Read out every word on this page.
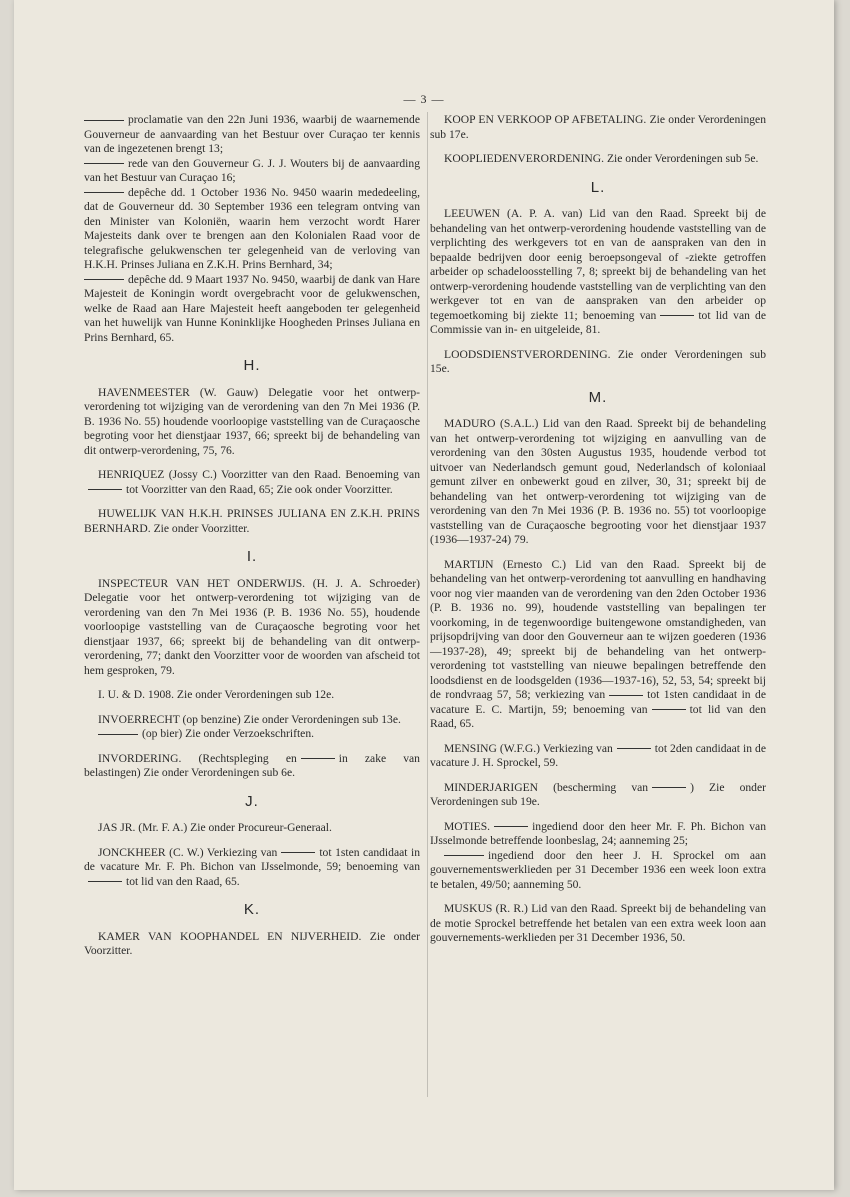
— 3 —

proclamatie van den 22n Juni 1936, waarbij de waarnemende Gouverneur de aanvaarding van het Bestuur over Curaçao ter kennis van de ingezetenen brengt 13;

rede van den Gouverneur G. J. J. Wouters bij de aanvaarding van het Bestuur van Curaçao 16;

depêche dd. 1 October 1936 No. 9450 waarin mededeeling, dat de Gouverneur dd. 30 September 1936 een telegram ontving van den Minister van Koloniën, waarin hem verzocht wordt Harer Majesteits dank over te brengen aan den Kolonialen Raad voor de telegrafische gelukwenschen ter gelegenheid van de verloving van H.K.H. Prinses Juliana en Z.K.H. Prins Bernhard, 34;

depêche dd. 9 Maart 1937 No. 9450, waarbij de dank van Hare Majesteit de Koningin wordt overgebracht voor de gelukwenschen, welke de Raad aan Hare Majesteit heeft aangeboden ter gelegenheid van het huwelijk van Hunne Koninklijke Hoogheden Prinses Juliana en Prins Bernhard, 65.

H.

HAVENMEESTER (W. Gauw) Delegatie voor het ontwerp-verordening tot wijziging van de verordening van den 7n Mei 1936 (P. B. 1936 No. 55) houdende voorloopige vaststelling van de Curaçaosche begroting voor het dienstjaar 1937, 66; spreekt bij de behandeling van dit ontwerp-verordening, 75, 76.

HENRIQUEZ (Jossy C.) Voorzitter van den Raad. Benoeming vantot Voorzitter van den Raad, 65; Zie ook onder Voorzitter.

HUWELIJK VAN H.K.H. PRINSES JULIANA EN Z.K.H. PRINS BERNHARD. Zie onder Voorzitter.

I.

INSPECTEUR VAN HET ONDERWIJS. (H. J. A. Schroeder) Delegatie voor het ontwerp-verordening tot wijziging van de verordening van den 7n Mei 1936 (P. B. 1936 No. 55), houdende voorloopige vaststelling van de Curaçaosche begroting voor het dienstjaar 1937, 66; spreekt bij de behandeling van dit ontwerp-verordening, 77; dankt den Voorzitter voor de woorden van afscheid tot hem gesproken, 79.

I. U. & D. 1908. Zie onder Verordeningen sub 12e.

INVOERRECHT (op benzine) Zie onder Verordeningen sub 13e.

(op bier) Zie onder Verzoekschriften.

INVORDERING. (Rechtspleging en	in zake van belastingen) Zie onder Verordeningen sub 6e.

J.

JAS JR. (Mr. F. A.) Zie onder Procureur-Generaal.

JONCKHEER (C. W.) Verkiezing van	tot 1sten candidaat in de vacature Mr. F. Ph. Bichon van IJsselmonde, 59; benoeming vantot lid van den Raad, 65.

K.

KAMER VAN KOOPHANDEL EN NIJVERHEID. Zie onder Voorzitter.

KOOP EN VERKOOP OP AFBETALING. Zie onder Verordeningen sub 17e.

KOOPLIEDENVERORDENING. Zie onder Verordeningen sub 5e.

L.

LEEUWEN (A. P. A. van) Lid van den Raad. Spreekt bij de behandeling van het ontwerp-verordening houdende vaststelling van de verplichting des werkgevers tot en van de aanspraken van den in bepaalde bedrijven door eenig beroepsongeval of -ziekte getroffen arbeider op schadeloosstelling 7, 8; spreekt bij de behandeling van het ontwerp-verordening houdende vaststelling van de verplichting van den werkgever tot en van de aanspraken van den arbeider op tegemoetkoming bij ziekte 11; benoeming van	tot lid van de Commissie van in- en uitgeleide, 81.

LOODSDIENSTVERORDENING. Zie onder Verordeningen sub 15e.

M.

MADURO (S.A.L.) Lid van den Raad. Spreekt bij de behandeling van het ontwerp-verordening tot wijziging en aanvulling van de verordening van den 30sten Augustus 1935, houdende verbod tot uitvoer van Nederlandsch gemunt goud, Nederlandsch of koloniaal gemunt zilver en onbewerkt goud en zilver, 30, 31; spreekt bij de behandeling van het ontwerp-verordening tot wijziging van de verordening van den 7n Mei 1936 (P. B. 1936 no. 55) tot voorloopige vaststelling van de Curaçaosche begrooting voor het dienstjaar 1937 (1936—1937-24) 79.

MARTIJN (Ernesto C.) Lid van den Raad. Spreekt bij de behandeling van het ontwerp-verordening tot aanvulling en handhaving voor nog vier maanden van de verordening van den 2den October 1936 (P. B. 1936 no. 99), houdende vaststelling van bepalingen ter voorkoming, in de tegenwoordige buitengewone omstandigheden, van prijsopdrijving van door den Gouverneur aan te wijzen goederen (1936—1937-28), 49; spreekt bij de behandeling van het ontwerp-verordening tot vaststelling van nieuwe bepalingen betreffende den loodsdienst en de loodsgelden (1936—1937-16), 52, 53, 54; spreekt bij de rondvraag 57, 58; verkiezing van	tot 1sten candidaat in de vacature E. C. Martijn, 59; benoeming van	tot lid van den Raad, 65.

MENSING (W.F.G.) Verkiezing van	tot 2den candidaat in de vacature J. H. Sprockel, 59.

MINDERJARIGEN (bescherming van	) Zie onder Verordeningen sub 19e.

MOTIES.	ingediend door den heer Mr. F. Ph. Bichon van IJsselmonde betreffende loonbeslag, 24; aanneming 25;

ingediend door den heer J. H. Sprockel om aan gouvernementswerklieden per 31 December 1936 een week loon extra te betalen, 49/50; aanneming 50.

MUSKUS (R. R.) Lid van den Raad. Spreekt bij de behandeling van de motie Sprockel betreffende het betalen van een extra week loon aan gouvernements-werklieden per 31 December 1936, 50.
